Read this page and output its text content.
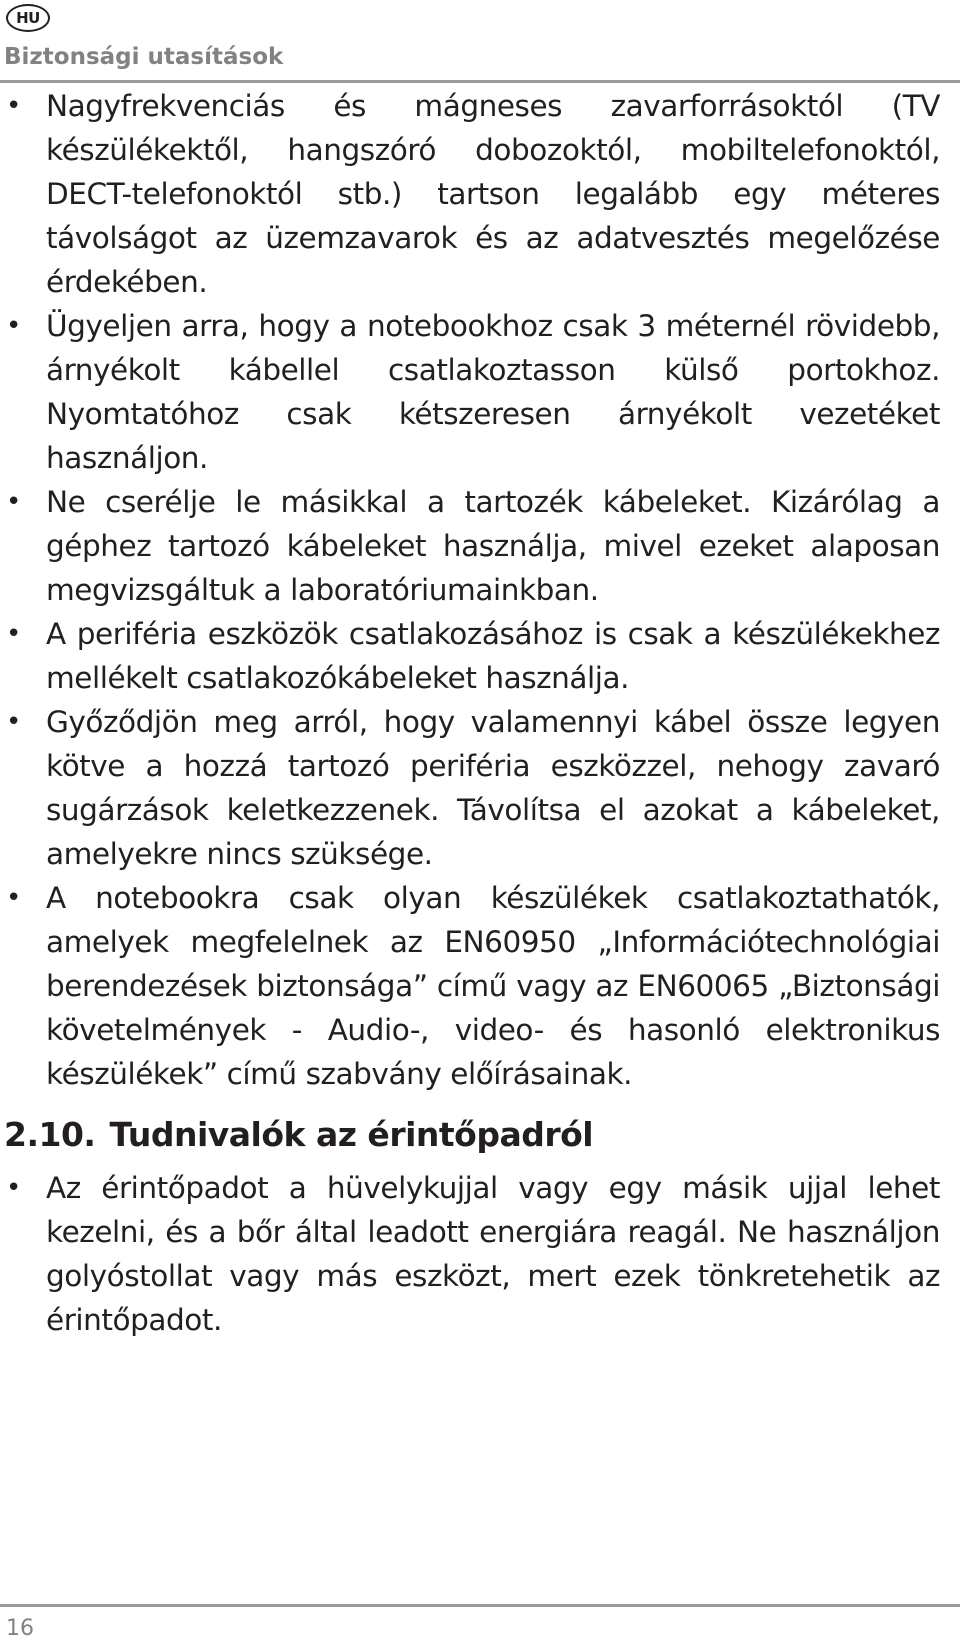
HU
Biztonsági utasítások
• Nagyfrekvenciás és mágneses zavarforrásoktól (TV készülékektől, hangszóró dobozoktól, mobiltelefonoktól, DECT-telefonoktól stb.) tartson legalább egy méteres távolságot az üzemzavarok és az adatvesztés megelőzése érdekében.
• Ügyeljen arra, hogy a notebookhoz csak 3 méternél rövidebb, árnyékolt kábellel csatlakoztasson külső portokhoz. Nyomtatóhoz csak kétszeresen árnyékolt vezetéket használjon.
• Ne cserélje le másikkal a tartozék kábeleket. Kizárólag a géphez tartozó kábeleket használja, mivel ezeket alaposan megvizsgáltuk a laboratóriumainkban.
• A periféria eszközök csatlakozásához is csak a készülékekhez mellékelt csatlakozókábeleket használja.
• Győződjön meg arról, hogy valamennyi kábel össze legyen kötve a hozzá tartozó periféria eszközzel, nehogy zavaró sugárzások keletkezzenek. Távolítsa el azokat a kábeleket, amelyekre nincs szüksége.
• A notebookra csak olyan készülékek csatlakoztathatók, amelyek megfelelnek az EN60950 „Információtechnológiai berendezések biztonsága” című vagy az EN60065 „Biztonsági követelmények - Audio-, video- és hasonló elektronikus készülékek” című szabvány előírásainak.
2.10. Tudnivalók az érintőpadról
• Az érintőpadot a hüvelykujjal vagy egy másik ujjal lehet kezelni, és a bőr által leadott energiára reagál. Ne használjon golyóstollat vagy más eszközt, mert ezek tönkretehetik az érintőpadot.
16
